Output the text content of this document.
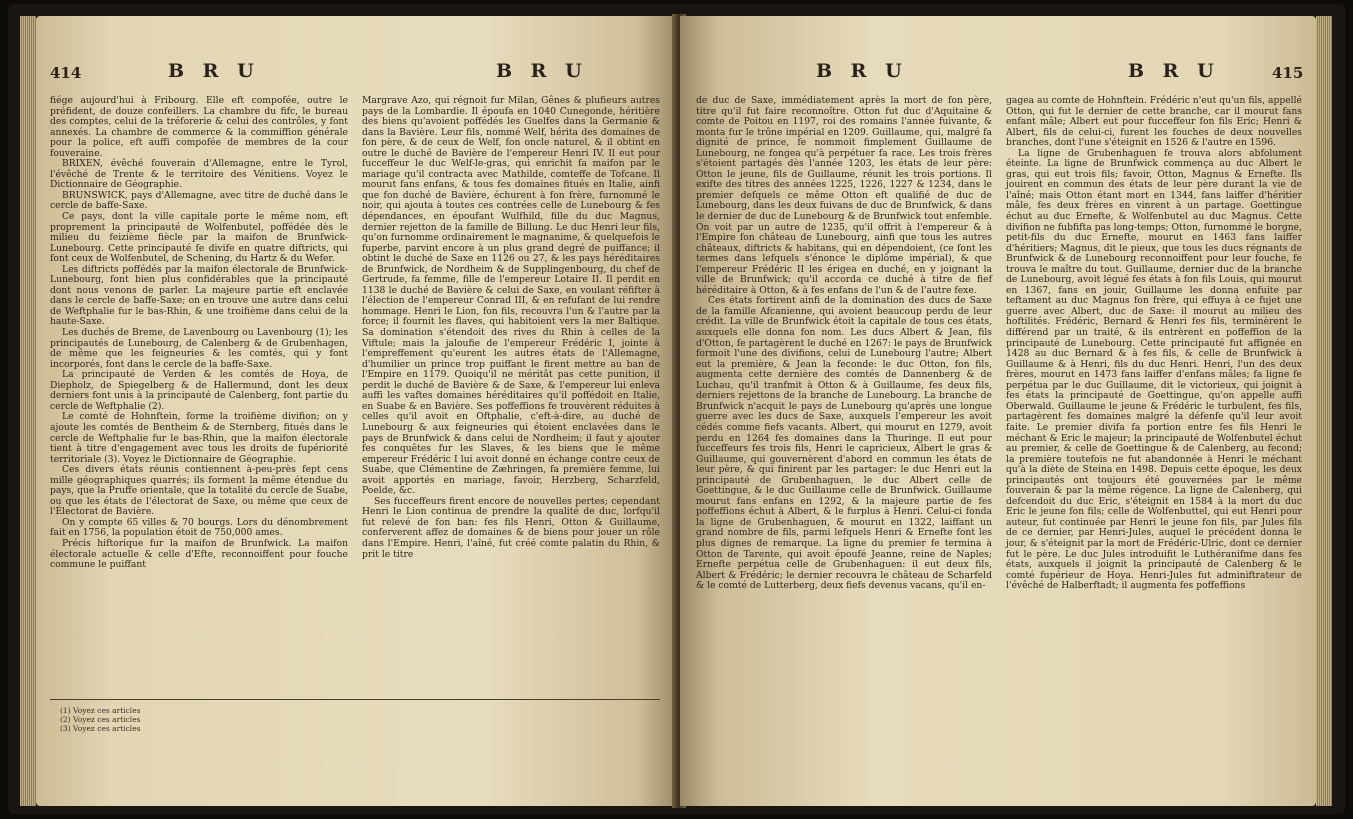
414	B R U	B R U

fiége aujourd'hui à Fribourg. Elle eft compofée, outre le préfident, de douze confeillers. La chambre du fifc, le bureau des comptes, celui de la tréforerie & celui des contrôles, y font annexés. La chambre de commerce & la commiffion générale pour la police, eft auffi compofée de membres de la cour fouveraine.

BRIXEN, évêché fouverain d'Allemagne, entre le Tyrol, l'évêché de Trente & le territoire des Vénitiens. Voyez le Dictionnaire de Géographie.

BRUNSWICK, pays d'Allemagne, avec titre de duché dans le cercle de baffe-Saxe.

Ce pays, dont la ville capitale porte le même nom, eft proprement la principauté de Wolfenbutel, poffédée dès le milieu du feizième fiècle par la maifon de Brunfwick-Lunebourg. Cette principauté fe divife en quatre diftricts, qui font ceux de Wolfenbutel, de Schening, du Hartz & du Wefer.

Les diftricts poffédés par la maifon électorale de Brunfwick-Lunebourg, font bien plus confidérables que la principauté dont nous venons de parler. La majeure partie eft enclavée dans le cercle de baffe-Saxe; on en trouve une autre dans celui de Weftphalie fur le bas-Rhin, & une troifième dans celui de la haute-Saxe.

Les duchés de Breme, de Lavenbourg ou Lavenbourg (1); les principautés de Lunebourg, de Calenberg & de Grubenhagen, de même que les feigneuries & les comtés, qui y font incorporés, font dans le cercle de la baffe-Saxe.

La principauté de Verden & les comtés de Hoya, de Diepholz, de Spiegelberg & de Hallermund, dont les deux derniers font unis à la principauté de Calenberg, font partie du cercle de Weftphalie (2).

Le comté de Hohnftein, forme la troifième divifion; on y ajoute les comtés de Bentheim & de Sternberg, fitués dans le cercle de Weftphalie fur le bas-Rhin, que la maifon électorale tient à titre d'engagement avec tous les droits de fupériorité territoriale (3). Voyez le Dictionnaire de Géographie.

Ces divers états réunis contiennent à-peu-près fept cens mille géographiques quarrés; ils forment la même étendue du pays, que la Pruffe orientale, que la totalité du cercle de Suabe, ou que les états de l'électorat de Saxe, ou même que ceux de l'Électorat de Bavière.

On y compte 65 villes & 70 bourgs. Lors du dénombrement fait en 1756, la population étoit de 750,000 ames.

Précis hiftorique fur la maifon de Brunfwick. La maifon électorale actuelle & celle d'Efte, reconnoiffent pour fouche commune le puiffant

Margrave Azo, qui régnoit fur Milan, Gênes & plufieurs autres pays de la Lombardie. Il époufa en 1040 Cunegonde, héritière des biens qu'avoient poffédés les Guelfes dans la Germanie & dans la Bavière. Leur fils, nommé Welf, hérita des domaines de fon père, & de ceux de Welf, fon oncle naturel, & il obtint en outre le duché de Bavière de l'empereur Henri IV. Il eut pour fucceffeur le duc Welf-le-gras, qui enrichit fa maifon par le mariage qu'il contracta avec Mathilde, comteffe de Tofcane. Il mourut fans enfans, & tous fes domaines fitués en Italie, ainfi que fon duché de Bavière, échurent à fon frère, furnommé le noir, qui ajouta à toutes ces contrées celle de Lunebourg & fes dépendances, en époufant Wulfhild, fille du duc Magnus, dernier rejetton de la famille de Billung. Le duc Henri leur fils, qu'on furnomme ordinairement le magnanime, & quelquefois le fuperbe, parvint encore à un plus grand degré de puiffance; il obtint le duché de Saxe en 1126 ou 27, & les pays héréditaires de Brunfwick, de Nordheim & de Supplingenbourg, du chef de Gertrude, fa femme, fille de l'empereur Lotaire II. Il perdit en 1138 le duché de Bavière & celui de Saxe, en voulant réfifter à l'élection de l'empereur Conrad III, & en refufant de lui rendre hommage. Henri le Lion, fon fils, recouvra l'un & l'autre par la force; il fournit les flaves, qui habitoient vers la mer Baltique. Sa domination s'étendoit des rives du Rhin à celles de la Viftule; mais la jaloufie de l'empereur Frédéric I, jointe à l'empreffement qu'eurent les autres états de l'Allemagne, d'humilier un prince trop puiffant le firent mettre au ban de l'Empire en 1179. Quoiqu'il ne méritât pas cette punition, il perdit le duché de Bavière & de Saxe, & l'empereur lui enleva auffi les vaftes domaines héréditaires qu'il poffédoit en Italie, en Suabe & en Bavière. Ses poffeffions fe trouvèrent réduites à celles qu'il avoit en Oftphalie, c'eft-à-dire, au duché de Lunebourg & aux feigneuries qui étoient enclavées dans le pays de Brunfwick & dans celui de Nordheim; il faut y ajouter fes conquêtes fur les Slaves, & les biens que le même empereur Frédéric I lui avoit donné en échange contre ceux de Suabe, que Clémentine de Zæhringen, fa première femme, lui avoit apportés en mariage, favoir, Herzberg, Scharzfeld, Poelde, &c.

Ses fucceffeurs firent encore de nouvelles pertes; cependant Henri le Lion continua de prendre la qualité de duc, lorfqu'il fut relevé de fon ban: fes fils Henri, Otton & Guillaume, conferverent affez de domaines & de biens pour jouer un rôle dans l'Empire. Henri, l'aîné, fut créé comte palatin du Rhin, & prit le titre

(1) Voyez ces articles
(2) Voyez ces articles
(3) Voyez ces articles
B R U	B R U	415

de duc de Saxe, immédiatement après la mort de fon père, titre qu'il fut faire reconnoître. Otton fut duc d'Aquitaine & comte de Poitou en 1197, roi des romains l'année fuivante, & monta fur le trône impérial en 1209. Guillaume, qui, malgré fa dignité de prince, fe nommoit fimplement Guillaume de Lunebourg, ne fongea qu'à perpétuer fa race. Les trois frères s'étoient partagés dès l'année 1203, les états de leur père: Otton le jeune, fils de Guillaume, réunit les trois portions. Il exifte des titres des années 1225, 1226, 1227 & 1234, dans le premier defquels ce même Otton eft qualifié de duc de Lunebourg, dans les deux fuivans de duc de Brunfwick, & dans le dernier de duc de Lunebourg & de Brunfwick tout enfemble. On voit par un autre de 1235, qu'il offrit à l'empereur & à l'Empire fon château de Lunebourg, ainfi que tous les autres châteaux, diftricts & habitans, qui en dépendoient, (ce font les termes dans lefquels s'énonce le diplôme impérial), & que l'empereur Frédéric II les érigea en duché, en y joignant la ville de Brunfwick; qu'il accorda ce duché à titre de fief héréditaire à Otton, & à fes enfans de l'un & de l'autre fexe.

Ces états fortirent ainfi de la domination des ducs de Saxe de la famille Afcanienne, qui avoient beaucoup perdu de leur crédit. La ville de Brunfwick étoit la capitale de tous ces états, auxquels elle donna fon nom. Les ducs Albert & Jean, fils d'Otton, fe partagèrent le duché en 1267: le pays de Brunfwick formoit l'une des divifions, celui de Lunebourg l'autre; Albert eut la première, & Jean la feconde: le duc Otton, fon fils, augmenta cette dernière des comtés de Dannenberg & de Luchau, qu'il tranfmit à Otton & à Guillaume, fes deux fils, derniers rejettons de la branche de Lunebourg. La branche de Brunfwick n'acquit le pays de Lunebourg qu'après une longue guerre avec les ducs de Saxe, auxquels l'empereur les avoit cédés comme fiefs vacants. Albert, qui mourut en 1279, avoit perdu en 1264 fes domaines dans la Thuringe. Il eut pour fucceffeurs fes trois fils, Henri le capricieux, Albert le gras & Guillaume, qui gouvernèrent d'abord en commun les états de leur père, & qui finirent par les partager: le duc Henri eut la principauté de Grubenhaguen, le duc Albert celle de Goettingue, & le duc Guillaume celle de Brunfwick. Guillaume mourut fans enfans en 1292, & la majeure partie de fes poffeffions échut à Albert, & le furplus à Henri. Celui-ci fonda la ligne de Grubenhaguen, & mourut en 1322, laiffant un grand nombre de fils, parmi lefquels Henri & Erneftе font les plus dignes de remarque. La ligne du premier fe termina à Otton de Tarente, qui avoit époufé Jeanne, reine de Naples; Erneftе perpétua celle de Grubenhaguen: il eut deux fils, Albert & Frédéric; le dernier recouvra le château de Scharfeld & le comté de Lutterberg, deux fiefs devenus vacans, qu'il en-

gagea au comte de Hohnftein. Frédéric n'eut qu'un fils, appellé Otton, qui fut le dernier de cette branche, car il mourut fans enfant mâle; Albert eut pour fucceffeur fon fils Eric; Henri & Albert, fils de celui-ci, furent les fouches de deux nouvelles branches, dont l'une s'éteignit en 1526 & l'autre en 1596.

La ligne de Grubenhaguen fe trouva alors abfolument éteinte. La ligne de Brunfwick commença au duc Albert le gras, qui eut trois fils; favoir, Otton, Magnus & Erneftе. Ils jouirent en commun des états de leur père durant la vie de l'aîné; mais Otton étant mort en 1344, fans laiffer d'héritier mâle, fes deux frères en vinrent à un partage. Goettingue échut au duc Erneftе, & Wolfenbutel au duc Magnus. Cette divifion ne fubfifta pas long-temps; Otton, furnommé le borgne, petit-fils du duc Erneftе, mourut en 1463 fans laiffer d'héritiers; Magnus, dit le pieux, que tous les ducs régnants de Brunfwick & de Lunebourg reconnoiffent pour leur fouche, fe trouva le maître du tout. Guillaume, dernier duc de la branche de Lunebourg, avoit légué fes états à fon fils Louis, qui mourut en 1367, fans en jouir, Guillaume les donna enfuite par teftament au duc Magnus fon frère, qui effuya à ce fujet une guerre avec Albert, duc de Saxe: il mourut au milieu des hoftilités. Frédéric, Bernard & Henri fes fils, terminèrent le différend par un traité, & ils entrèrent en poffeffion de la principauté de Lunebourg. Cette principauté fut affignée en 1428 au duc Bernard & à fes fils, & celle de Brunfwick à Guillaume & à Henri, fils du duc Henri. Henri, l'un des deux frères, mourut en 1473 fans laiffer d'enfans mâles; fa ligne fe perpétua par le duc Guillaume, dit le victorieux, qui joignit à fes états la principauté de Goettingue, qu'on appelle auffi Oberwald. Guillaume le jeune & Frédéric le turbulent, fes fils, partagèrent fes domaines malgré la défenfe qu'il leur avoit faite. Le premier divifa fa portion entre fes fils Henri le méchant & Eric le majeur; la principauté de Wolfenbutel échut au premier, & celle de Goettingue & de Calenberg, au fecond; la première toutefois ne fut abandonnée à Henri le méchant qu'à la diète de Steina en 1498. Depuis cette époque, les deux principautés ont toujours été gouvernées par le même fouverain & par la même régence. La ligne de Calenberg, qui defcendoit du duc Eric, s'éteignit en 1584 à la mort du duc Eric le jeune fon fils; celle de Wolfenbuttel, qui eut Henri pour auteur, fut continuée par Henri le jeune fon fils, par Jules fils de ce dernier, par Henri-Jules, auquel le précédent donna le jour, & s'éteignit par la mort de Frédéric-Ulric, dont ce dernier fut le père. Le duc Jules introduifit le Luthéranifme dans fes états, auxquels il joignit la principauté de Calenberg & le comté fupérieur de Hoya. Henri-Jules fut adminiftrateur de l'évêché de Halberftadt; il augmenta fes poffeffions
